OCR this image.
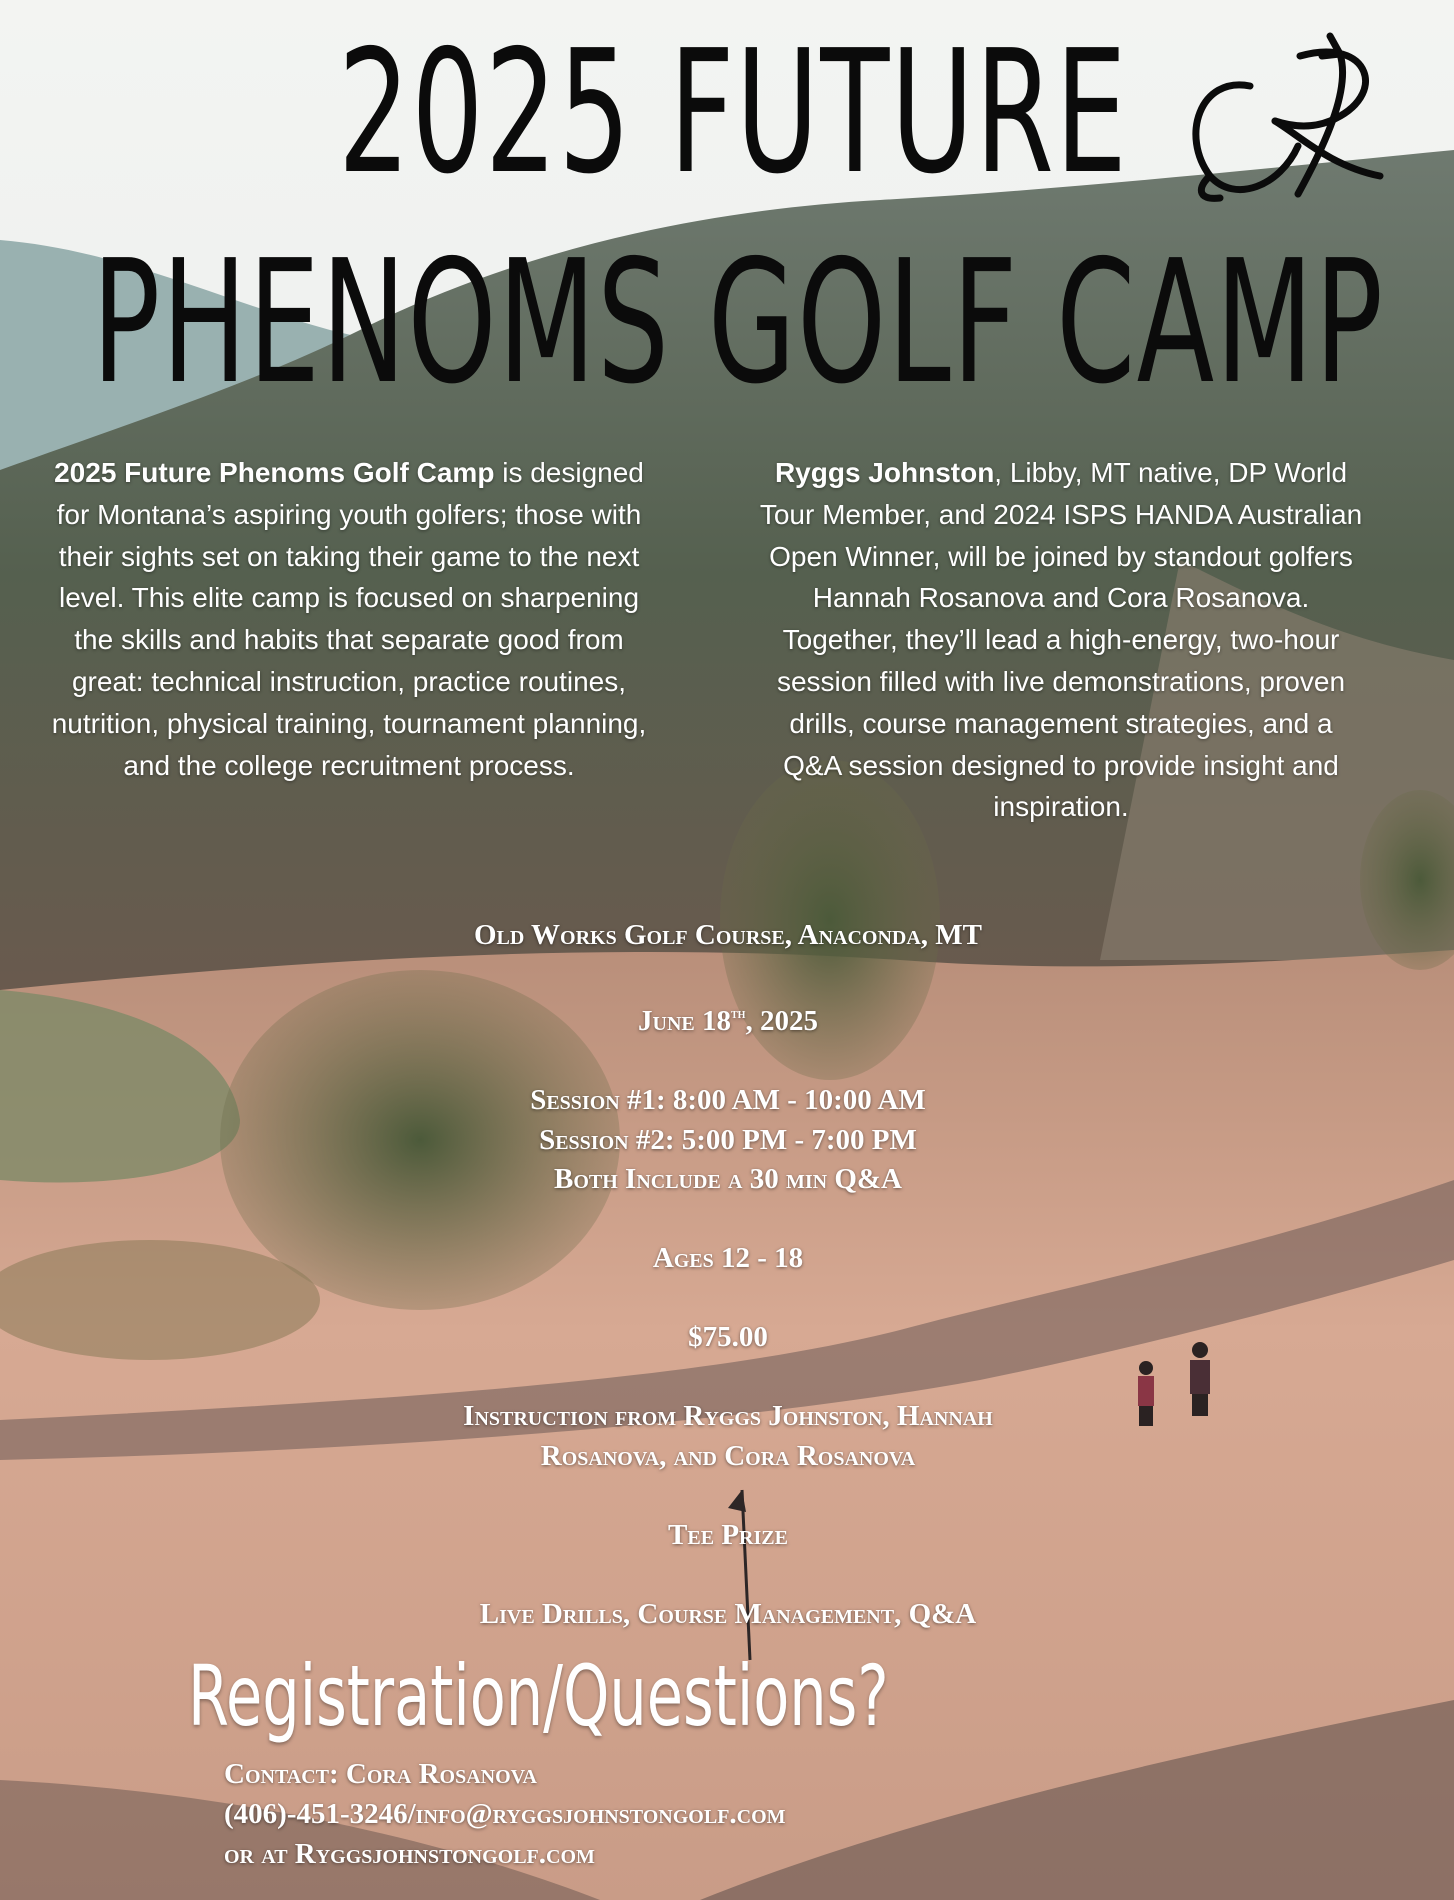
2025 FUTURE
PHENOMS GOLF CAMP

2025 Future Phenoms Golf Camp is designed for Montana’s aspiring youth golfers; those with their sights set on taking their game to the next level. This elite camp is focused on sharpening the skills and habits that separate good from great: technical instruction, practice routines, nutrition, physical training, tournament planning, and the college recruitment process.

Ryggs Johnston, Libby, MT native, DP World Tour Member, and 2024 ISPS HANDA Australian Open Winner, will be joined by standout golfers Hannah Rosanova and Cora Rosanova. Together, they’ll lead a high-energy, two-hour session filled with live demonstrations, proven drills, course management strategies, and a Q&A session designed to provide insight and inspiration.

Old Works Golf Course, Anaconda, MT

June 18th, 2025

Session #1: 8:00 AM - 10:00 AM

Session #2: 5:00 PM - 7:00 PM

Both Include a 30 min Q&A

Ages 12 - 18

$75.00

Instruction from Ryggs Johnston, Hannah

Rosanova, and Cora Rosanova

Tee Prize

Live Drills, Course Management, Q&A

Registration/Questions?
Contact: Cora Rosanova
(406)-451-3246/info@ryggsjohnstongolf.com
or at Ryggsjohnstongolf.com
